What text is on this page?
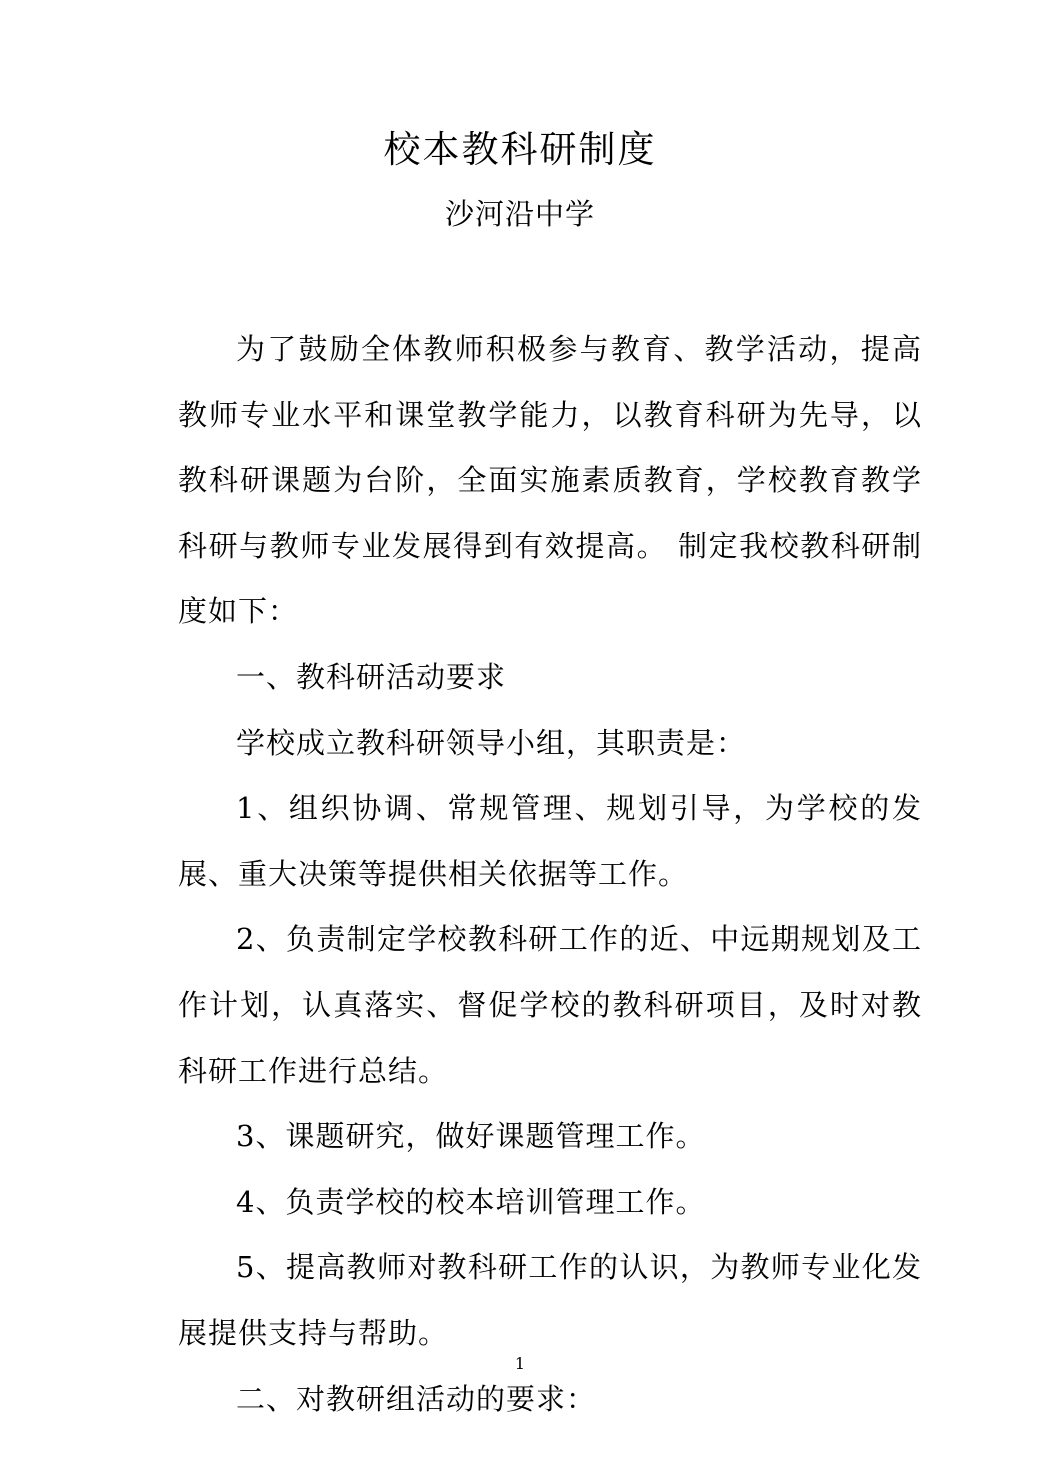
校本教科研制度
沙河沿中学

为了鼓励全体教师积极参与教育、教学活动，提高教师专业水平和课堂教学能力，以教育科研为先导，以教科研课题为台阶，全面实施素质教育，学校教育教学科研与教师专业发展得到有效提高。 制定我校教科研制度如下：

一、教科研活动要求

学校成立教科研领导小组，其职责是：

1、组织协调、常规管理、规划引导，为学校的发展、重大决策等提供相关依据等工作。

2、负责制定学校教科研工作的近、中远期规划及工作计划，认真落实、督促学校的教科研项目，及时对教科研工作进行总结。

3、课题研究，做好课题管理工作。

4、负责学校的校本培训管理工作。

5、提高教师对教科研工作的认识，为教师专业化发展提供支持与帮助。

二、对教研组活动的要求：

1
